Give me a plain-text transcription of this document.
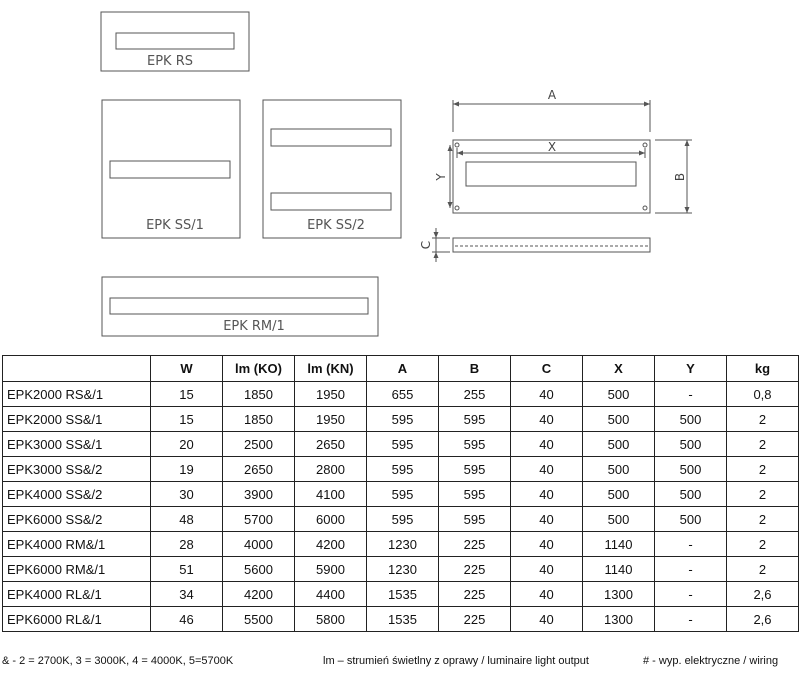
EPK RS
EPK SS/1	EPK SS/2
EPK RM/1
A
X
B
Y
C
	W	lm (KO)	lm (KN)	A	B	C	X	Y	kg
EPK2000 RS&/1	15	1850	1950	655	255	40	500	-	0,8
EPK2000 SS&/1	15	1850	1950	595	595	40	500	500	2
EPK3000 SS&/1	20	2500	2650	595	595	40	500	500	2
EPK3000 SS&/2	19	2650	2800	595	595	40	500	500	2
EPK4000 SS&/2	30	3900	4100	595	595	40	500	500	2
EPK6000 SS&/2	48	5700	6000	595	595	40	500	500	2
EPK4000 RM&/1	28	4000	4200	1230	225	40	1140	-	2
EPK6000 RM&/1	51	5600	5900	1230	225	40	1140	-	2
EPK4000 RL&/1	34	4200	4400	1535	225	40	1300	-	2,6
EPK6000 RL&/1	46	5500	5800	1535	225	40	1300	-	2,6
& - 2 = 2700K, 3 = 3000K, 4 = 4000K, 5=5700K	lm – strumień świetlny z oprawy / luminaire light output	# - wyp. elektryczne / wiring
